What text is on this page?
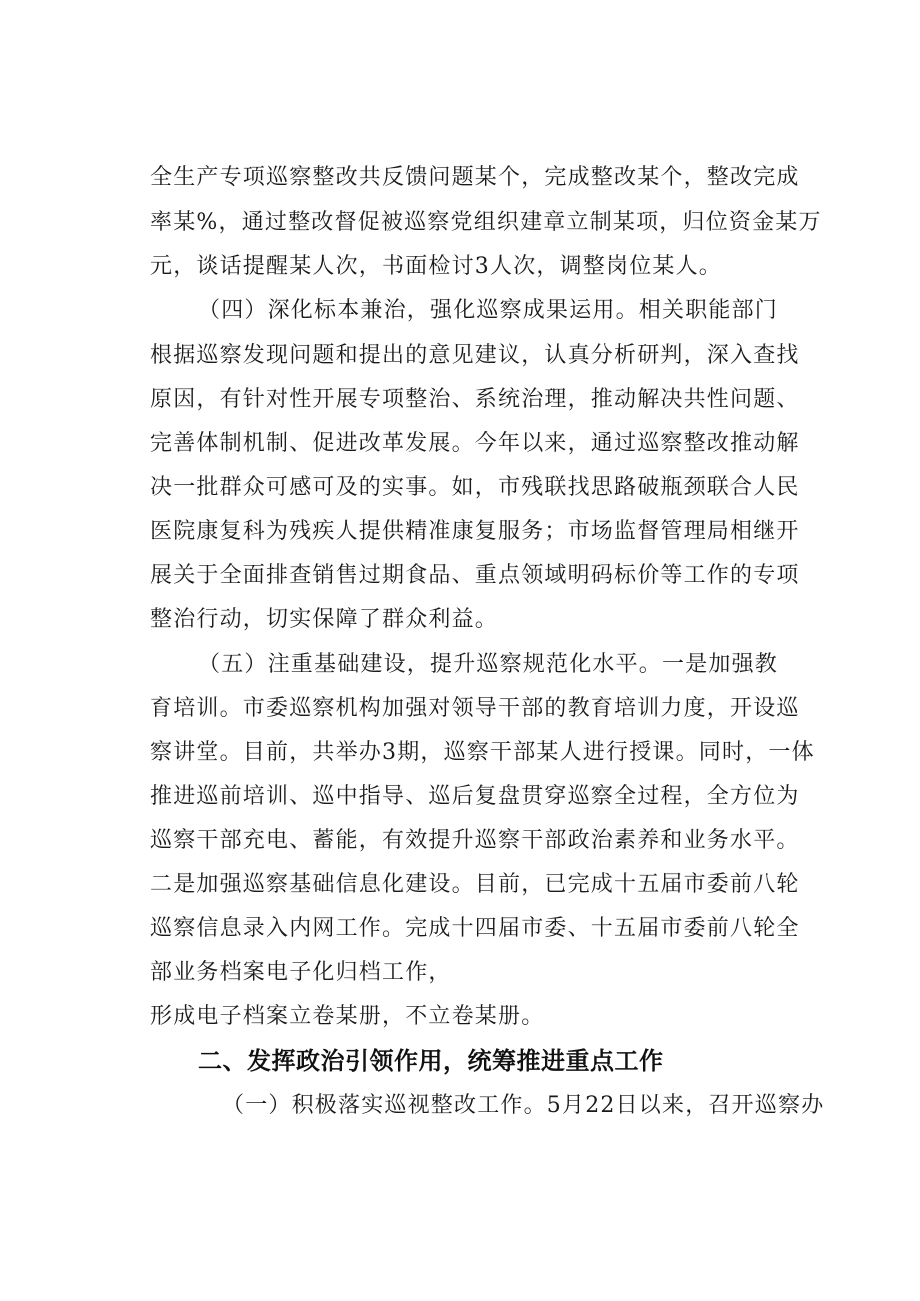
全生产专项巡察整改共反馈问题某个，完成整改某个，整改完成
率某%，通过整改督促被巡察党组织建章立制某项，归位资金某万
元，谈话提醒某人次，书面检讨3人次，调整岗位某人。
（四）深化标本兼治，强化巡察成果运用。相关职能部门
根据巡察发现问题和提出的意见建议，认真分析研判，深入查找
原因，有针对性开展专项整治、系统治理，推动解决共性问题、
完善体制机制、促进改革发展。今年以来，通过巡察整改推动解
决一批群众可感可及的实事。如，市残联找思路破瓶颈联合人民
医院康复科为残疾人提供精准康复服务；市场监督管理局相继开
展关于全面排查销售过期食品、重点领域明码标价等工作的专项
整治行动，切实保障了群众利益。
（五）注重基础建设，提升巡察规范化水平。一是加强教
育培训。市委巡察机构加强对领导干部的教育培训力度，开设巡
察讲堂。目前，共举办3期，巡察干部某人进行授课。同时，一体
推进巡前培训、巡中指导、巡后复盘贯穿巡察全过程，全方位为
巡察干部充电、蓄能，有效提升巡察干部政治素养和业务水平。
二是加强巡察基础信息化建设。目前，已完成十五届市委前八轮
巡察信息录入内网工作。完成十四届市委、十五届市委前八轮全
部业务档案电子化归档工作，
形成电子档案立卷某册，不立卷某册。
二、发挥政治引领作用，统筹推进重点工作
（一）积极落实巡视整改工作。5月22日以来，召开巡察办
